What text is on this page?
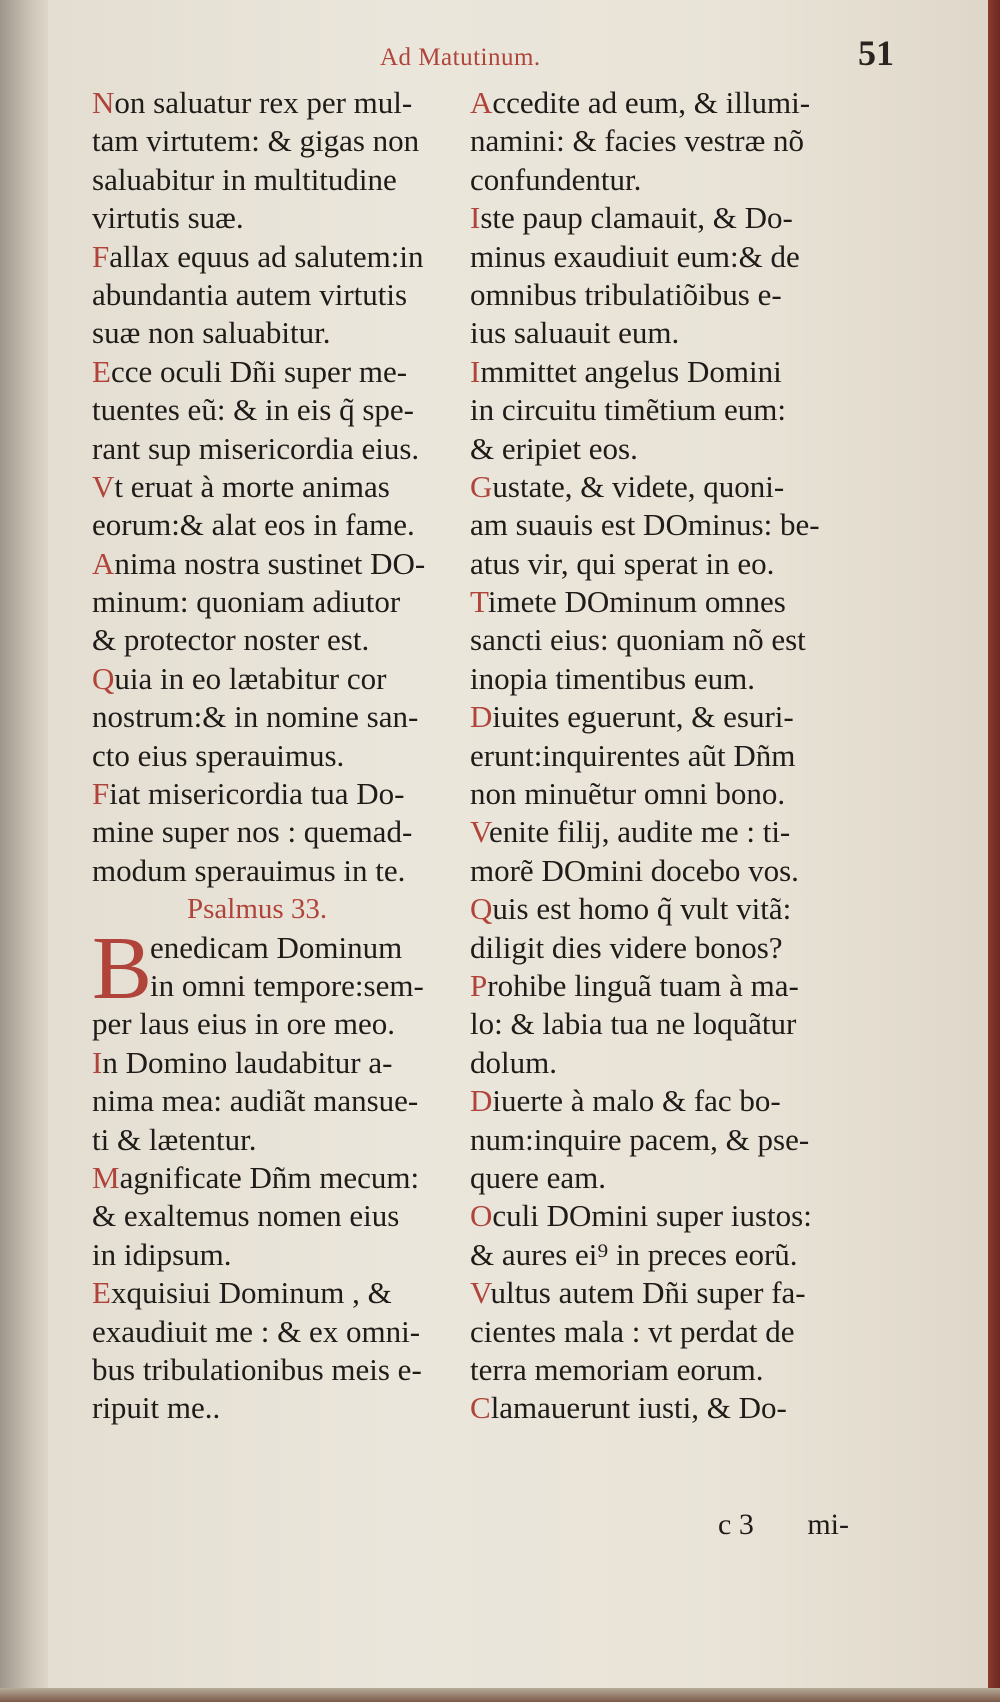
Ad Matutinum.	51
Non saluatur rex per mul-
tam virtutem: & gigas non
saluabitur in multitudine
virtutis suæ.
Fallax equus ad salutem:in
abundantia autem virtutis
suæ non saluabitur.
Ecce oculi Dñi super me-
tuentes eũ: & in eis q̃ spe-
rant sup misericordia eius.
Vt eruat à morte animas
eorum:& alat eos in fame.
Anima nostra sustinet DO-
minum: quoniam adiutor
& protector noster est.
Quia in eo lætabitur cor
nostrum:& in nomine san-
cto eius sperauimus.
Fiat misericordia tua Do-
mine super nos : quemad-
modum sperauimus in te.
Psalmus 33.
B
enedicam Dominum
in omni tempore:sem-
per laus eius in ore meo.
In Domino laudabitur a-
nima mea: audiãt mansue-
ti & lætentur.
Magnificate Dñm mecum:
& exaltemus nomen eius
in idipsum.
Exquisiui Dominum , &
exaudiuit me : & ex omni-
bus tribulationibus meis e-
ripuit me..
Accedite ad eum, & illumi-
namini: & facies vestræ nõ
confundentur.
Iste paup clamauit, & Do-
minus exaudiuit eum:& de
omnibus tribulatiõibus e-
ius saluauit eum.
Immittet angelus Domini
in circuitu timẽtium eum:
& eripiet eos.
Gustate, & videte, quoni-
am suauis est DOminus: be-
atus vir, qui sperat in eo.
Timete DOminum omnes
sancti eius: quoniam nõ est
inopia timentibus eum.
Diuites eguerunt, & esuri-
erunt:inquirentes aũt Dñm
non minuẽtur omni bono.
Venite filij, audite me : ti-
morẽ DOmini docebo vos.
Quis est homo q̃ vult vitã:
diligit dies videre bonos?
Prohibe linguã tuam à ma-
lo: & labia tua ne loquãtur
dolum.
Diuerte à malo & fac bo-
num:inquire pacem, & pse-
quere eam.
Oculi DOmini super iustos:
& aures ei⁹ in preces eorũ.
Vultus autem Dñi super fa-
cientes mala : vt perdat de
terra memoriam eorum.
Clamauerunt iusti, & Do-
c 3 mi-
